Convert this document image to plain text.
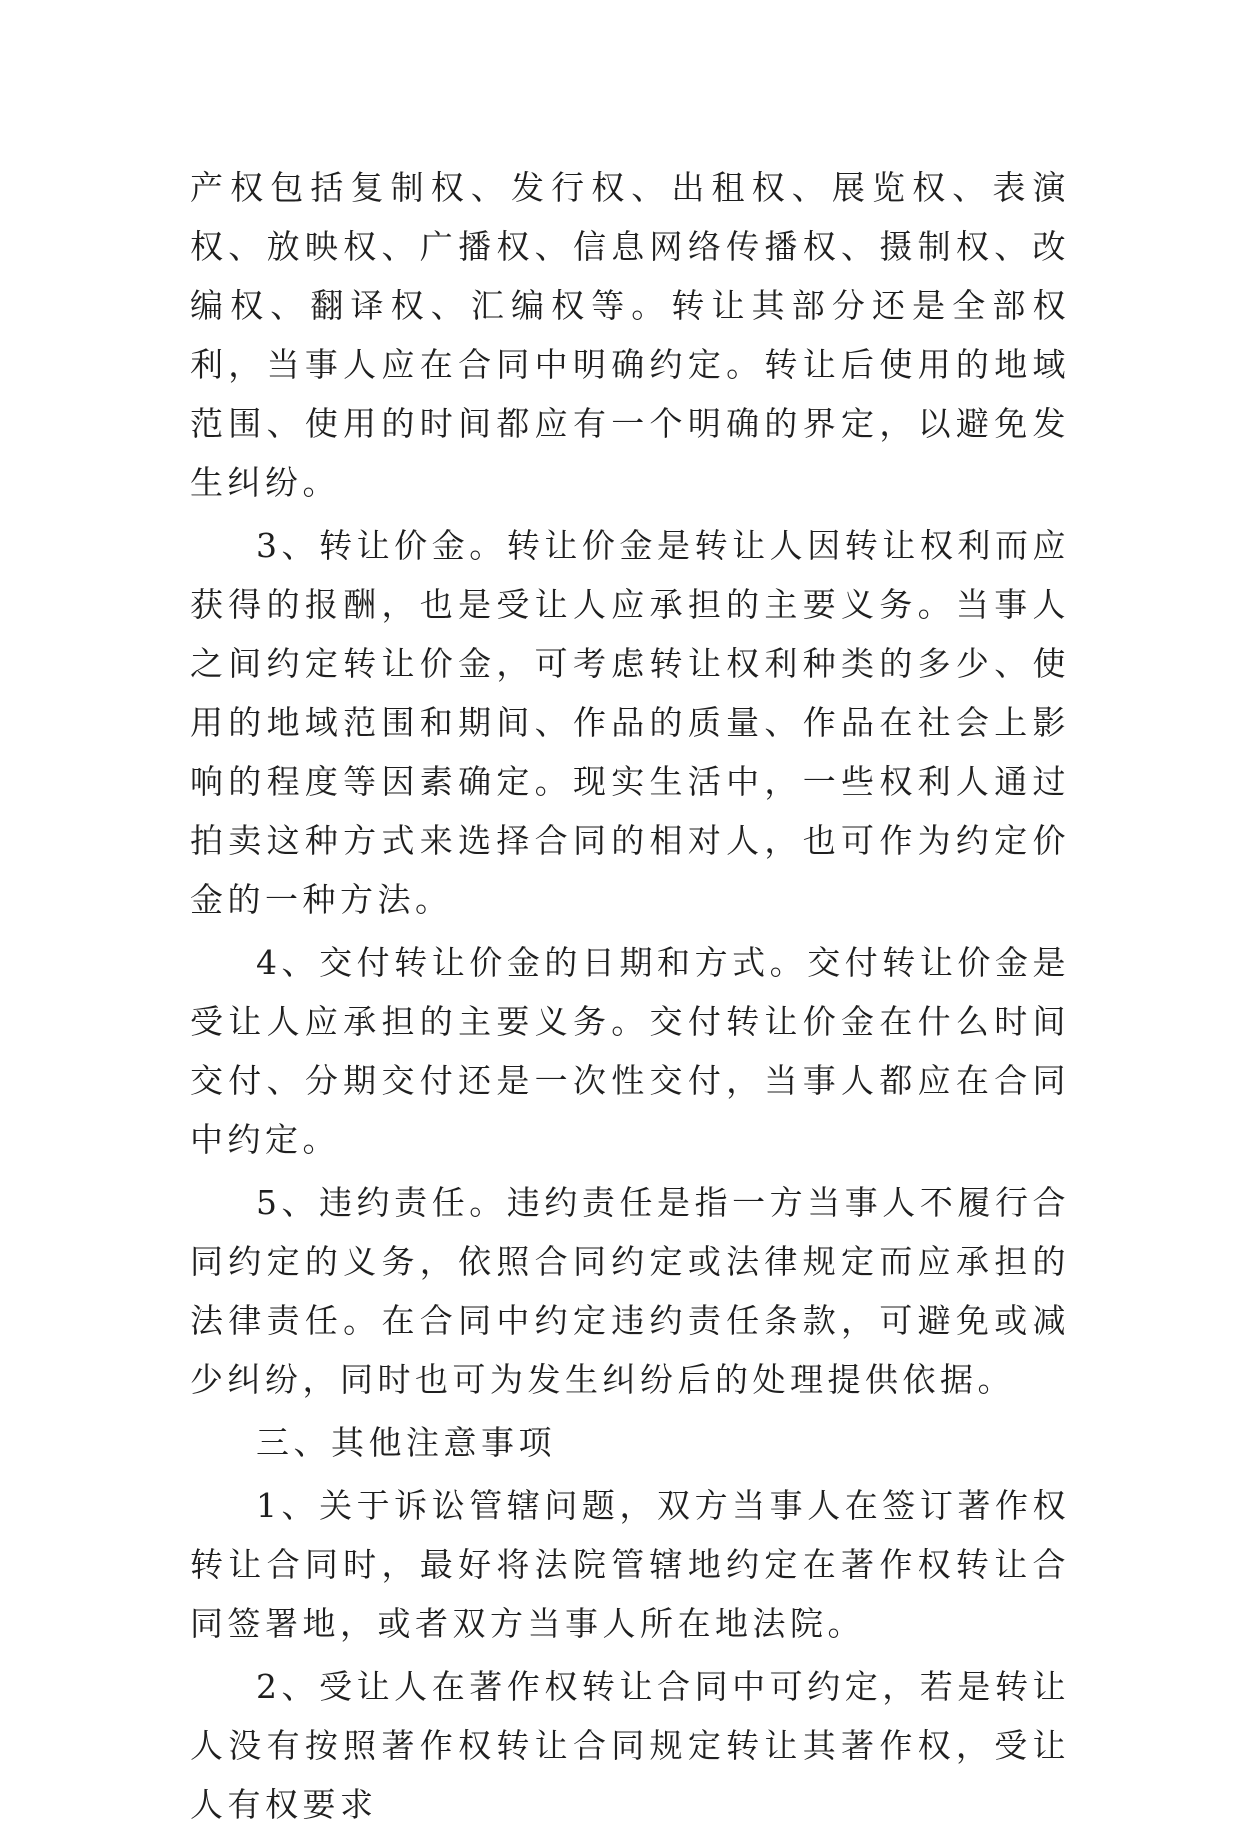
产权包括复制权、发行权、出租权、展览权、表演权、放映权、广播权、信息网络传播权、摄制权、改编权、翻译权、汇编权等。转让其部分还是全部权利，当事人应在合同中明确约定。转让后使用的地域范围、使用的时间都应有一个明确的界定，以避免发生纠纷。

3、转让价金。转让价金是转让人因转让权利而应获得的报酬，也是受让人应承担的主要义务。当事人之间约定转让价金，可考虑转让权利种类的多少、使用的地域范围和期间、作品的质量、作品在社会上影响的程度等因素确定。现实生活中，一些权利人通过拍卖这种方式来选择合同的相对人，也可作为约定价金的一种方法。

4、交付转让价金的日期和方式。交付转让价金是受让人应承担的主要义务。交付转让价金在什么时间交付、分期交付还是一次性交付，当事人都应在合同中约定。

5、违约责任。违约责任是指一方当事人不履行合同约定的义务，依照合同约定或法律规定而应承担的法律责任。在合同中约定违约责任条款，可避免或减少纠纷，同时也可为发生纠纷后的处理提供依据。

三、其他注意事项

1、关于诉讼管辖问题，双方当事人在签订著作权转让合同时，最好将法院管辖地约定在著作权转让合同签署地，或者双方当事人所在地法院。

2、受让人在著作权转让合同中可约定，若是转让人没有按照著作权转让合同规定转让其著作权，受让人有权要求
